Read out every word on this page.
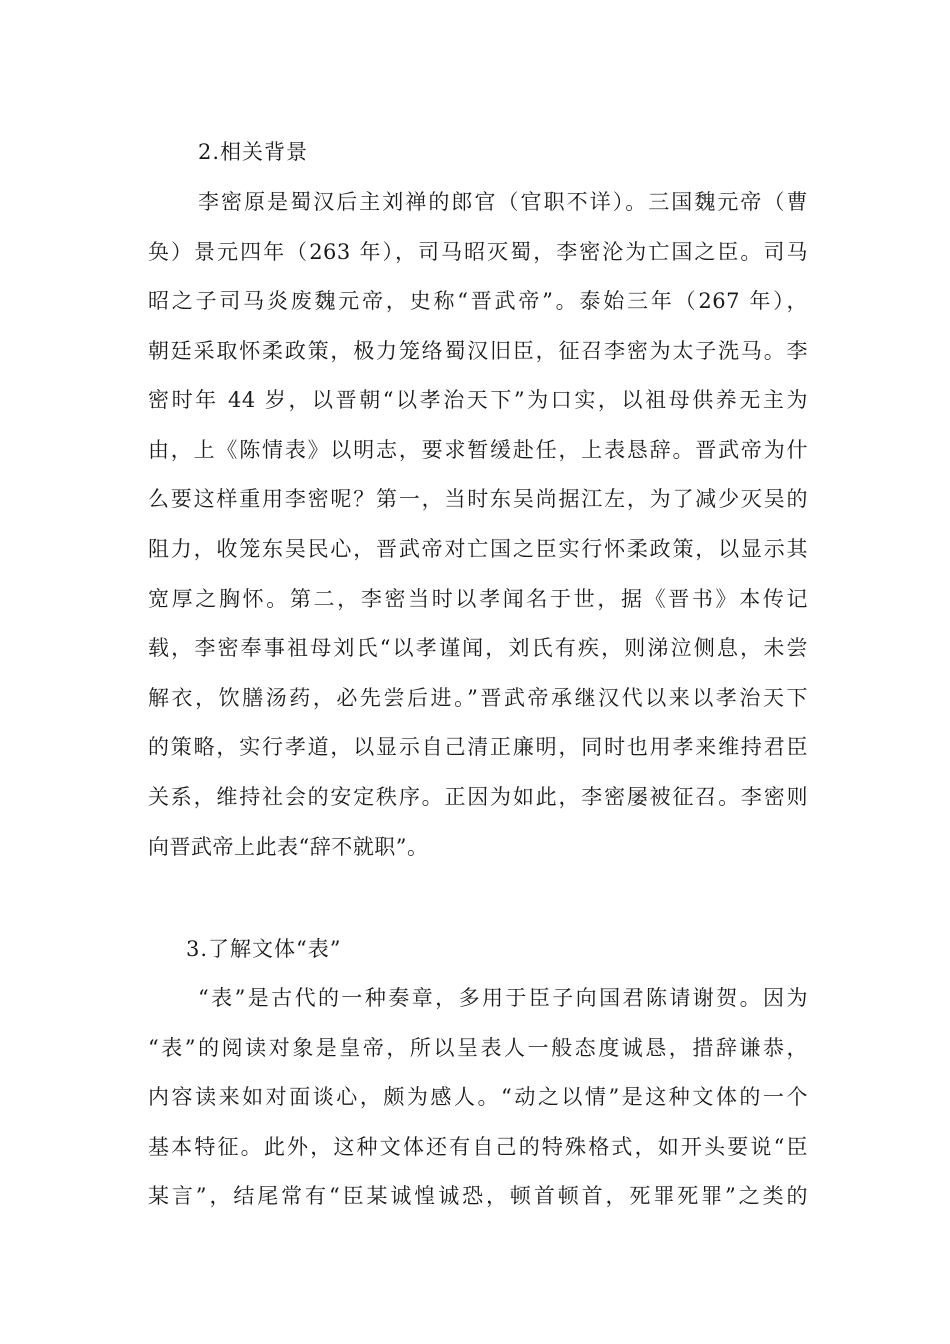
2.相关背景
李密原是蜀汉后主刘禅的郎官（官职不详）。三国魏元帝（曹
奂）景元四年（263 年），司马昭灭蜀，李密沦为亡国之臣。司马
昭之子司马炎废魏元帝，史称“晋武帝”。泰始三年（267 年），
朝廷采取怀柔政策，极力笼络蜀汉旧臣，征召李密为太子洗马。李
密时年 44 岁，以晋朝“以孝治天下”为口实，以祖母供养无主为
由，上《陈情表》以明志，要求暂缓赴任，上表恳辞。晋武帝为什
么要这样重用李密呢？第一，当时东吴尚据江左，为了减少灭吴的
阻力，收笼东吴民心，晋武帝对亡国之臣实行怀柔政策，以显示其
宽厚之胸怀。第二，李密当时以孝闻名于世，据《晋书》本传记
载，李密奉事祖母刘氏“以孝谨闻，刘氏有疾，则涕泣侧息，未尝
解衣，饮膳汤药，必先尝后进。”晋武帝承继汉代以来以孝治天下
的策略，实行孝道，以显示自己清正廉明，同时也用孝来维持君臣
关系，维持社会的安定秩序。正因为如此，李密屡被征召。李密则
向晋武帝上此表“辞不就职”。
3.了解文体“表”
“表”是古代的一种奏章，多用于臣子向国君陈请谢贺。因为
“表”的阅读对象是皇帝，所以呈表人一般态度诚恳，措辞谦恭，
内容读来如对面谈心，颇为感人。“动之以情”是这种文体的一个
基本特征。此外，这种文体还有自己的特殊格式，如开头要说“臣
某言”，结尾常有“臣某诚惶诚恐，顿首顿首，死罪死罪”之类的
